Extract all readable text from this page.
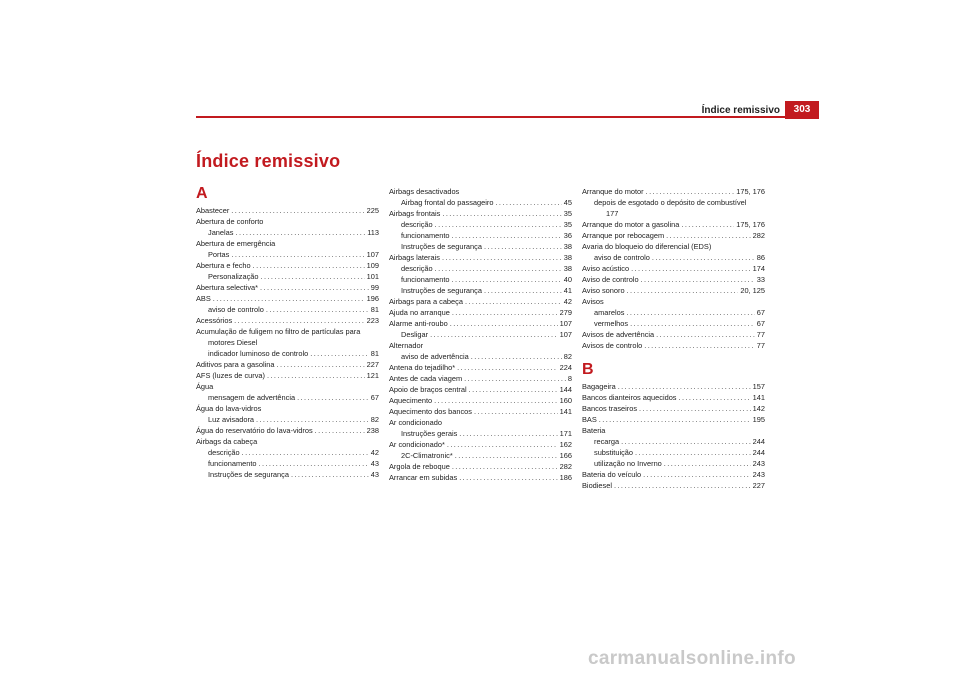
Índice remissivo	303
Índice remissivo
A
Abastecer .....	225
Abertura de conforto
Janelas .....	113
Abertura de emergência
Portas .....	107
Abertura e fecho .....	109
Personalização .....	101
Abertura selectiva* .....	99
ABS .....	196
aviso de controlo .....	81
Acessórios .....	223
Acumulação de fuligem no filtro de partículas para
motores Diesel
indicador luminoso de controlo .....	81
Aditivos para a gasolina .....	227
AFS (luzes de curva) .....	121
Água
mensagem de advertência .....	67
Água do lava-vidros
Luz avisadora .....	82
Água do reservatório do lava-vidros .....	238
Airbags da cabeça
descrição .....	42
funcionamento .....	43
Instruções de segurança .....	43
Airbags desactivados
Airbag frontal do passageiro .....	45
Airbags frontais .....	35
descrição .....	35
funcionamento .....	36
Instruções de segurança .....	38
Airbags laterais .....	38
descrição .....	38
funcionamento .....	40
Instruções de segurança .....	41
Airbags para a cabeça .....	42
Ajuda no arranque .....	279
Alarme anti-roubo .....	107
Desligar .....	107
Alternador
aviso de advertência .....	82
Antena do tejadilho* .....	224
Antes de cada viagem .....	8
Apoio de braços central .....	144
Aquecimento .....	160
Aquecimento dos bancos .....	141
Ar condicionado
Instruções gerais .....	171
Ar condicionado* .....	162
2C-Climatronic* .....	166
Argola de reboque .....	282
Arrancar em subidas .....	186
Arranque do motor .....	175, 176
depois de esgotado o depósito de combustível
177
Arranque do motor a gasolina .....	175, 176
Arranque por rebocagem .....	282
Avaria do bloqueio do diferencial (EDS)
aviso de controlo .....	86
Aviso acústico .....	174
Aviso de controlo .....	33
Aviso sonoro .....	20, 125
Avisos
amarelos .....	67
vermelhos .....	67
Avisos de advertência .....	77
Avisos de controlo .....	77
B
Bagageira .....	157
Bancos dianteiros aquecidos .....	141
Bancos traseiros .....	142
BAS .....	195
Bateria
recarga .....	244
substituição .....	244
utilização no Inverno .....	243
Bateria do veículo .....	243
Biodiesel .....	227
carmanualsonline.info
